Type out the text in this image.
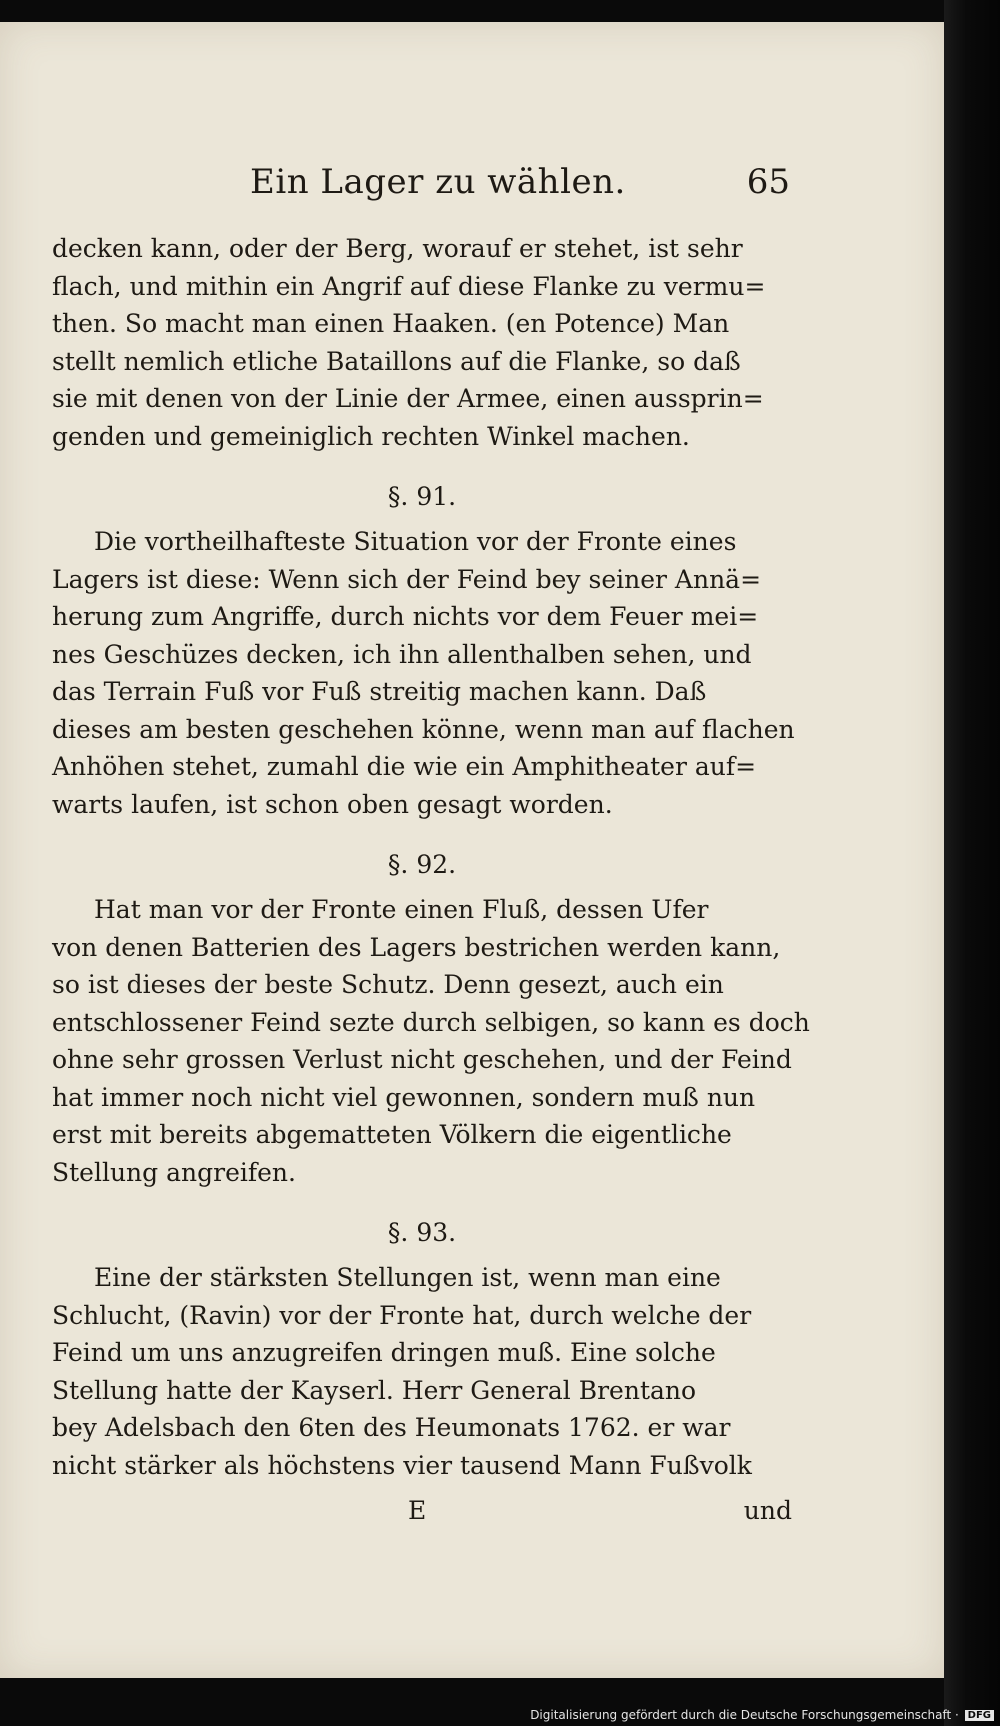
Ein Lager zu wählen.	65
decken kann, oder der Berg, worauf er stehet, ist sehr
flach, und mithin ein Angrif auf diese Flanke zu vermu=
then. So macht man einen Haaken. (en Potence) Man
stellt nemlich etliche Bataillons auf die Flanke, so daß
sie mit denen von der Linie der Armee, einen aussprin=
genden und gemeiniglich rechten Winkel machen.
§. 91.
Die vortheilhafteste Situation vor der Fronte eines
Lagers ist diese: Wenn sich der Feind bey seiner Annä=
herung zum Angriffe, durch nichts vor dem Feuer mei=
nes Geschüzes decken, ich ihn allenthalben sehen, und
das Terrain Fuß vor Fuß streitig machen kann. Daß
dieses am besten geschehen könne, wenn man auf flachen
Anhöhen stehet, zumahl die wie ein Amphitheater auf=
warts laufen, ist schon oben gesagt worden.
§. 92.
Hat man vor der Fronte einen Fluß, dessen Ufer
von denen Batterien des Lagers bestrichen werden kann,
so ist dieses der beste Schutz. Denn gesezt, auch ein
entschlossener Feind sezte durch selbigen, so kann es doch
ohne sehr grossen Verlust nicht geschehen, und der Feind
hat immer noch nicht viel gewonnen, sondern muß nun
erst mit bereits abgematteten Völkern die eigentliche
Stellung angreifen.
§. 93.
Eine der stärksten Stellungen ist, wenn man eine
Schlucht, (Ravin) vor der Fronte hat, durch welche der
Feind um uns anzugreifen dringen muß. Eine solche
Stellung hatte der Kayserl. Herr General Brentano
bey Adelsbach den 6ten des Heumonats 1762. er war
nicht stärker als höchstens vier tausend Mann Fußvolk
E	und
Digitalisierung gefördert durch die Deutsche Forschungsgemeinschaft · DFG
